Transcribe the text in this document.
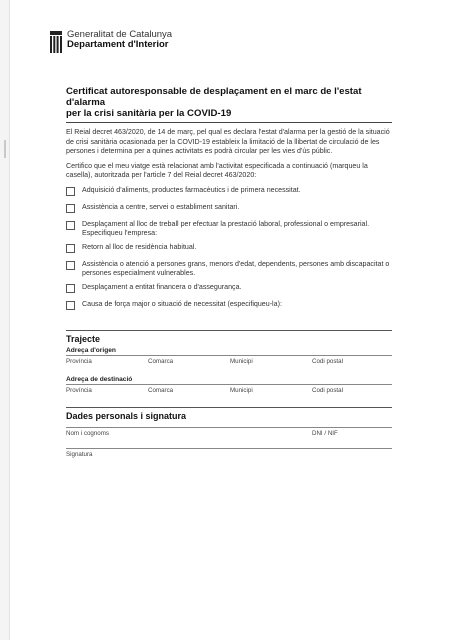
Generalitat de Catalunya
Departament d'Interior
Certificat autoresponsable de desplaçament en el marc de l'estat d'alarma
per la crisi sanitària per la COVID-19

El Reial decret 463/2020, de 14 de març, pel qual es declara l'estat d'alarma per la gestió de la situació de crisi sanitària ocasionada per la COVID-19 estableix la limitació de la llibertat de circulació de les persones i determina per a quines activitats es podrà circular per les vies d'ús públic.

Certifico que el meu viatge està relacionat amb l'activitat especificada a continuació (marqueu la casella), autoritzada per l'article 7 del Reial decret 463/2020:

Adquisició d'aliments, productes farmacèutics i de primera necessitat.
Assistència a centre, servei o establiment sanitari.
Desplaçament al lloc de treball per efectuar la prestació laboral, professional o empresarial. Especifiqueu l'empresa:
Retorn al lloc de residència habitual.
Assistència o atenció a persones grans, menors d'edat, dependents, persones amb discapacitat o persones especialment vulnerables.
Desplaçament a entitat financera o d'assegurança.
Causa de força major o situació de necessitat (especifiqueu-la):
Trajecte
Adreça d'origen
Província	Comarca	Municipi	Codi postal
Adreça de destinació
Província	Comarca	Municipi	Codi postal
Dades personals i signatura
Nom i cognoms	DNI / NIF
Signatura
